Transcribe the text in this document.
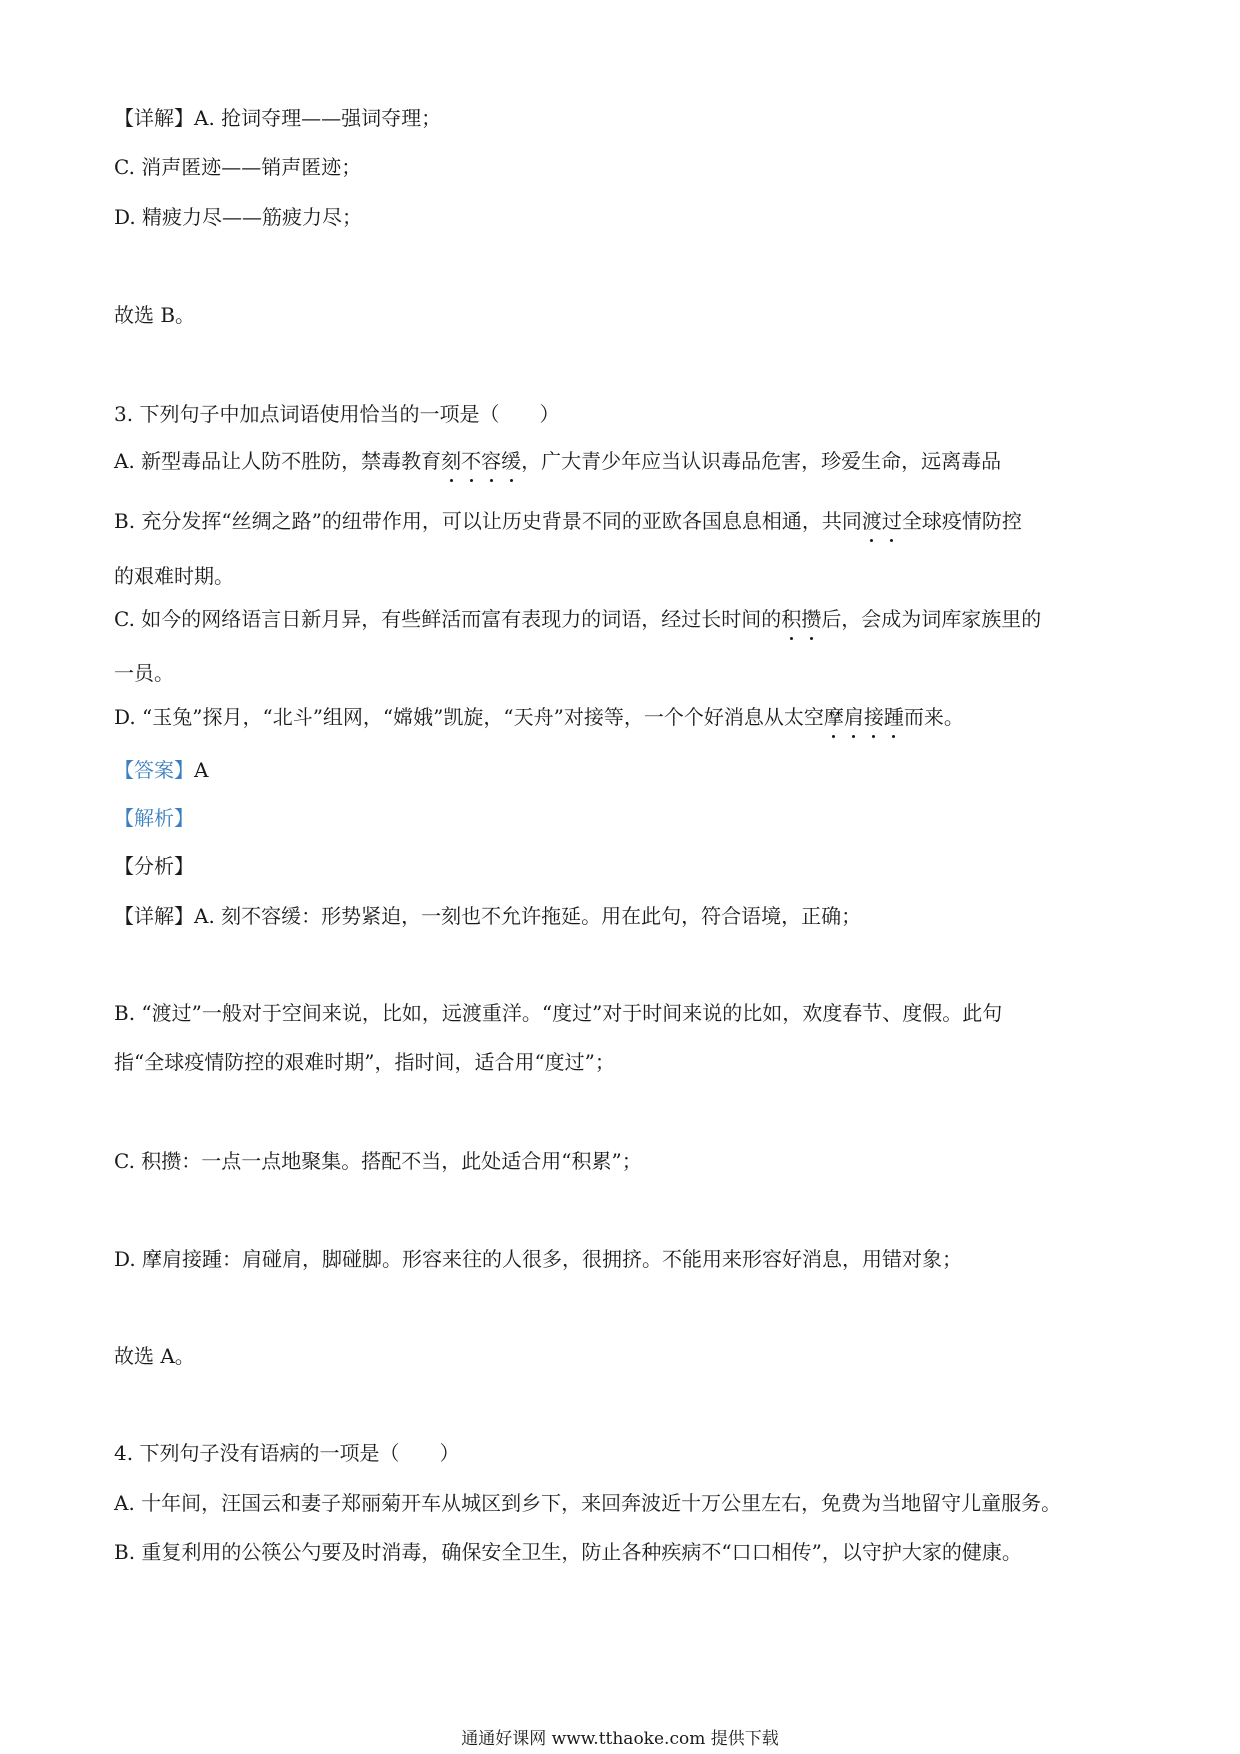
【详解】A. 抢词夺理——强词夺理；
C. 消声匿迹——销声匿迹；
D. 精疲力尽——筋疲力尽；
故选 B。
3. 下列句子中加点词语使用恰当的一项是（　　）
A. 新型毒品让人防不胜防，禁毒教育刻不容缓，广大青少年应当认识毒品危害，珍爱生命，远离毒品
B. 充分发挥“丝绸之路”的纽带作用，可以让历史背景不同的亚欧各国息息相通，共同渡过全球疫情防控
的艰难时期。
C. 如今的网络语言日新月异，有些鲜活而富有表现力的词语，经过长时间的积攒后，会成为词库家族里的
一员。
D. “玉兔”探月，“北斗”组网，“嫦娥”凯旋，“天舟”对接等，一个个好消息从太空摩肩接踵而来。
【答案】A
【解析】
【分析】
【详解】A. 刻不容缓：形势紧迫，一刻也不允许拖延。用在此句，符合语境，正确；
B. “渡过”一般对于空间来说，比如，远渡重洋。“度过”对于时间来说的比如，欢度春节、度假。此句
指“全球疫情防控的艰难时期”，指时间，适合用“度过”；
C. 积攒：一点一点地聚集。搭配不当，此处适合用“积累”；
D. 摩肩接踵：肩碰肩，脚碰脚。形容来往的人很多，很拥挤。不能用来形容好消息，用错对象；
故选 A。
4. 下列句子没有语病的一项是（　　）
A. 十年间，汪国云和妻子郑丽菊开车从城区到乡下，来回奔波近十万公里左右，免费为当地留守儿童服务。
B. 重复利用的公筷公勺要及时消毒，确保安全卫生，防止各种疾病不“口口相传”，以守护大家的健康。
通通好课网 www.tthaoke.com 提供下载
